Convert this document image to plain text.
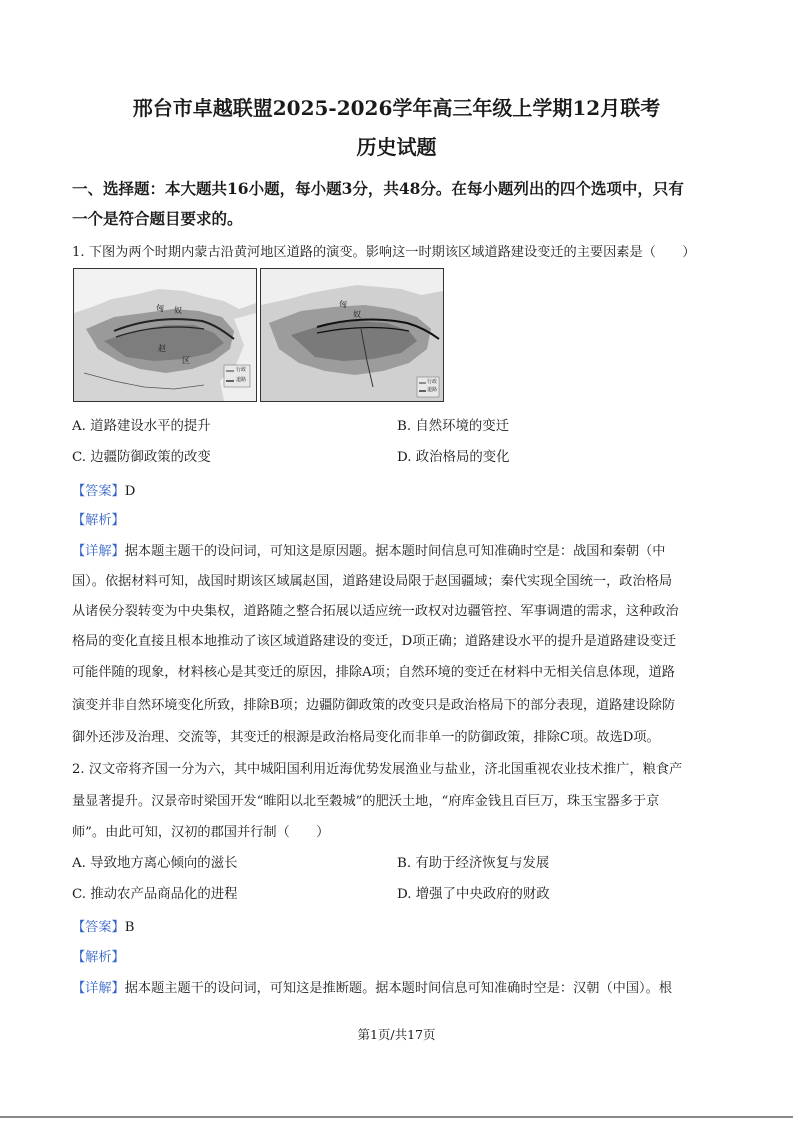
邢台市卓越联盟2025-2026学年高三年级上学期12月联考
历史试题
一、选择题：本大题共16小题，每小题3分，共48分。在每小题列出的四个选项中，只有
一个是符合题目要求的。
1. 下图为两个时期内蒙古沿黄河地区道路的演变。影响这一时期该区域道路建设变迁的主要因素是（　　）
匈 奴
赵
区
行政
道路
匈
奴
行政
道路
A. 道路建设水平的提升	B. 自然环境的变迁
C. 边疆防御政策的改变	D. 政治格局的变化
【答案】D
【解析】
【详解】据本题主题干的设问词，可知这是原因题。据本题时间信息可知准确时空是：战国和秦朝（中
国）。依据材料可知，战国时期该区域属赵国，道路建设局限于赵国疆域；秦代实现全国统一，政治格局
从诸侯分裂转变为中央集权，道路随之整合拓展以适应统一政权对边疆管控、军事调遣的需求，这种政治
格局的变化直接且根本地推动了该区域道路建设的变迁，D项正确；道路建设水平的提升是道路建设变迁
可能伴随的现象，材料核心是其变迁的原因，排除A项；自然环境的变迁在材料中无相关信息体现，道路
演变并非自然环境变化所致，排除B项；边疆防御政策的改变只是政治格局下的部分表现，道路建设除防
御外还涉及治理、交流等，其变迁的根源是政治格局变化而非单一的防御政策，排除C项。故选D项。
2. 汉文帝将齐国一分为六，其中城阳国利用近海优势发展渔业与盐业，济北国重视农业技术推广，粮食产
量显著提升。汉景帝时梁国开发“睢阳以北至穀城”的肥沃土地，“府库金钱且百巨万，珠玉宝器多于京
师”。由此可知，汉初的郡国并行制（　　）
A. 导致地方离心倾向的滋长	B. 有助于经济恢复与发展
C. 推动农产品商品化的进程	D. 增强了中央政府的财政
【答案】B
【解析】
【详解】据本题主题干的设问词，可知这是推断题。据本题时间信息可知准确时空是：汉朝（中国）。根
第1页/共17页
